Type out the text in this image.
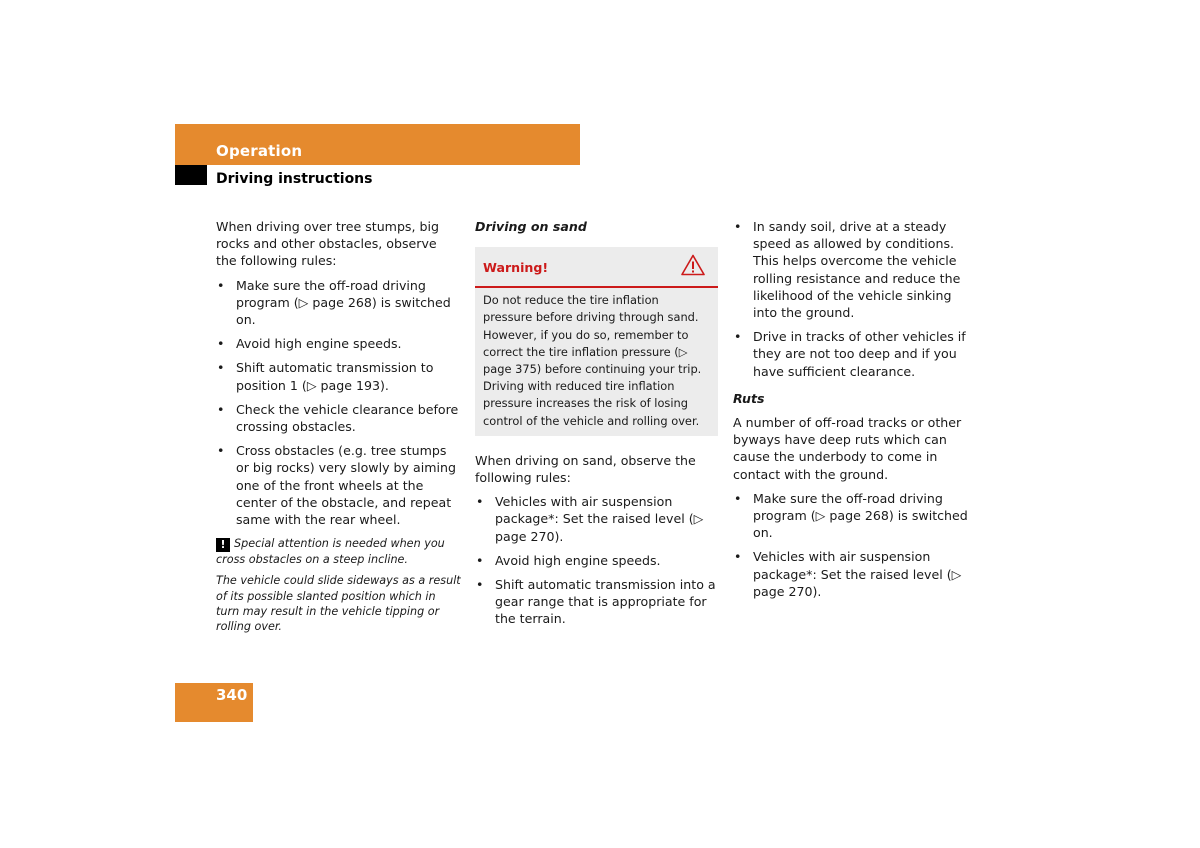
Operation
Driving instructions

When driving over tree stumps, big rocks and other obstacles, observe the following rules:

• Make sure the off-road driving program (▷ page 268) is switched on.
• Avoid high engine speeds.
• Shift automatic transmission to position 1 (▷ page 193).
• Check the vehicle clearance before crossing obstacles.
• Cross obstacles (e.g. tree stumps or big rocks) very slowly by aiming one of the front wheels at the center of the obstacle, and repeat same with the rear wheel.

! Special attention is needed when you cross obstacles on a steep incline.

The vehicle could slide sideways as a result of its possible slanted position which in turn may result in the vehicle tipping or rolling over.

Driving on sand
Warning!
Do not reduce the tire inflation pressure before driving through sand. However, if you do so, remember to correct the tire inflation pressure (▷ page 375) before continuing your trip. Driving with reduced tire inflation pressure increases the risk of losing control of the vehicle and rolling over.

When driving on sand, observe the following rules:

• Vehicles with air suspension package*: Set the raised level (▷ page 270).
• Avoid high engine speeds.
• Shift automatic transmission into a gear range that is appropriate for the terrain.
• In sandy soil, drive at a steady speed as allowed by conditions. This helps overcome the vehicle rolling resistance and reduce the likelihood of the vehicle sinking into the ground.
• Drive in tracks of other vehicles if they are not too deep and if you have sufficient clearance.
Ruts

A number of off-road tracks or other byways have deep ruts which can cause the underbody to come in contact with the ground.

• Make sure the off-road driving program (▷ page 268) is switched on.
• Vehicles with air suspension package*: Set the raised level (▷ page 270).
340
